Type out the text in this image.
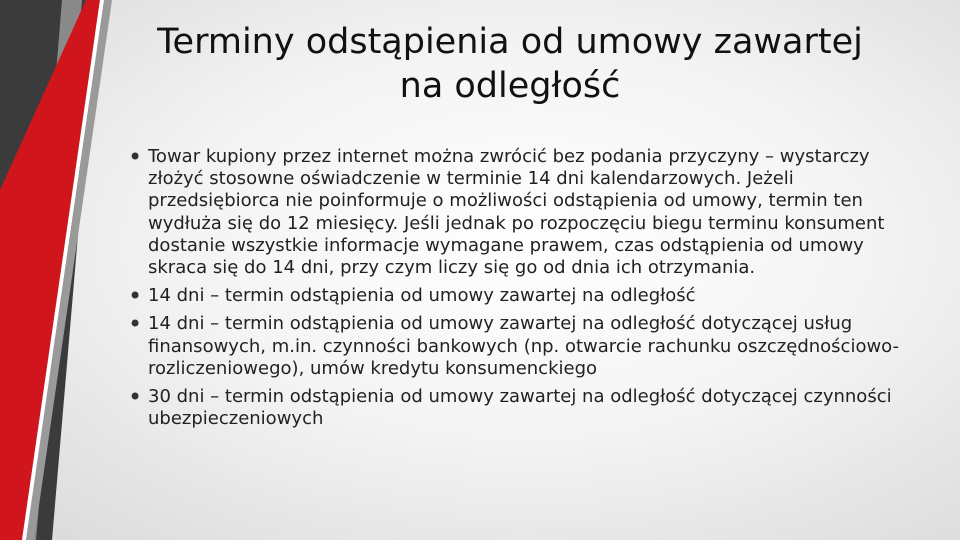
Terminy odstąpienia od umowy zawartej
na odległość
• Towar kupiony przez internet można zwrócić bez podania przyczyny – wystarczy złożyć stosowne oświadczenie w terminie 14 dni kalendarzowych. Jeżeli przedsiębiorca nie poinformuje o możliwości odstąpienia od umowy, termin ten wydłuża się do 12 miesięcy. Jeśli jednak po rozpoczęciu biegu terminu konsument dostanie wszystkie informacje wymagane prawem, czas odstąpienia od umowy skraca się do 14 dni, przy czym liczy się go od dnia ich otrzymania.
• 14 dni – termin odstąpienia od umowy zawartej na odległość
• 14 dni – termin odstąpienia od umowy zawartej na odległość dotyczącej usług finansowych, m.in. czynności bankowych (np. otwarcie rachunku oszczędnościowo-rozliczeniowego), umów kredytu konsumenckiego
• 30 dni – termin odstąpienia od umowy zawartej na odległość dotyczącej czynności ubezpieczeniowych
